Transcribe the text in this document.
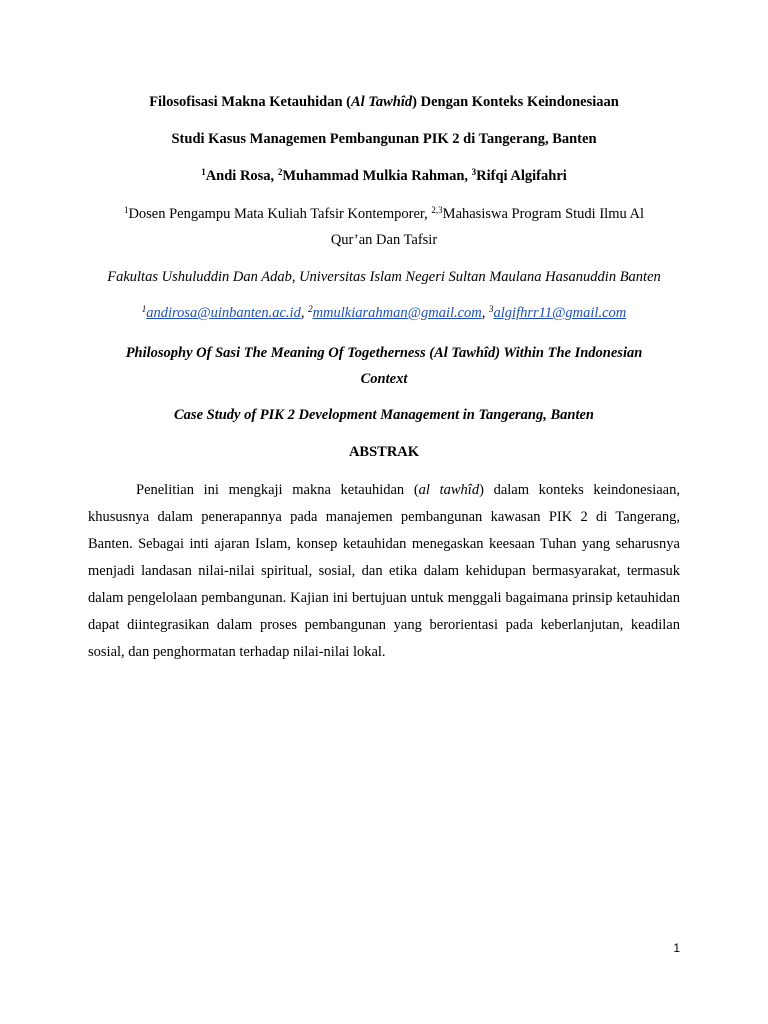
Filosofisasi Makna Ketauhidan (Al Tawhîd) Dengan Konteks Keindonesiaan
Studi Kasus Managemen Pembangunan PIK 2 di Tangerang, Banten
$^1$Andi Rosa, $^2$Muhammad Mulkia Rahman, $^3$Rifqi Algifahri
$^1$Dosen Pengampu Mata Kuliah Tafsir Kontemporer, $^{2,3}$Mahasiswa Program Studi Ilmu Al Qur’an Dan Tafsir
Fakultas Ushuluddin Dan Adab, Universitas Islam Negeri Sultan Maulana Hasanuddin Banten
$^1$andirosa@uinbanten.ac.id, $^2$mmulkiarahman@gmail.com, $^3$algifhrr11@gmail.com
Philosophy Of Sasi The Meaning Of Togetherness (Al Tawhîd) Within The Indonesian Context
Case Study of PIK 2 Development Management in Tangerang, Banten
ABSTRAK

Penelitian ini mengkaji makna ketauhidan (al tawhîd) dalam konteks keindonesiaan, khususnya dalam penerapannya pada manajemen pembangunan kawasan PIK 2 di Tangerang, Banten. Sebagai inti ajaran Islam, konsep ketauhidan menegaskan keesaan Tuhan yang seharusnya menjadi landasan nilai-nilai spiritual, sosial, dan etika dalam kehidupan bermasyarakat, termasuk dalam pengelolaan pembangunan. Kajian ini bertujuan untuk menggali bagaimana prinsip ketauhidan dapat diintegrasikan dalam proses pembangunan yang berorientasi pada keberlanjutan, keadilan sosial, dan penghormatan terhadap nilai-nilai lokal.

1
